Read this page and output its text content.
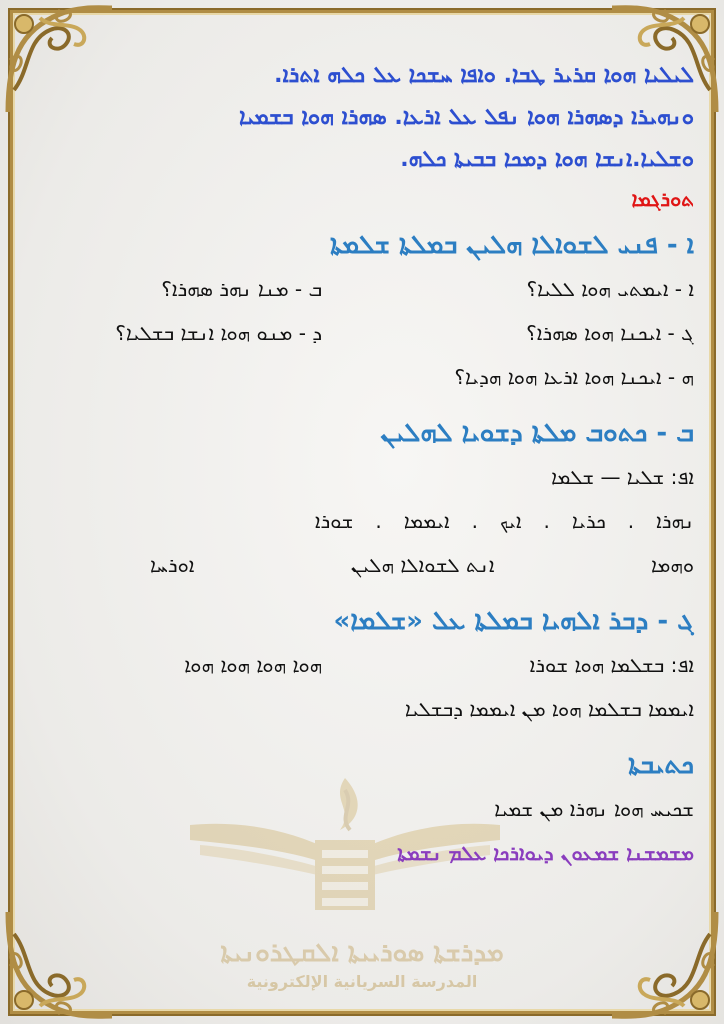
ܡܕܪܫܬܐ ܣܘܪܝܝܬܐ ܐܠܩܛܪܘܢܝܬܐ
المدرسة السريانية الإلكترونية
ܠܝܠܝܐ ܗܘܐ ܩܪܝܪ ܛܒܐ. ܘܐܦܐ ܚܫܟܐ ܥܠ ܟܠܗ ܐܬܪܐ.
ܘܢܗܝܪܐ ܕܣܗܪܐ ܗܘܐ ܢܦܠ ܥܠ ܐܪܥܐ. ܣܗܪܐ ܗܘܐ ܒܫܡܝܐ
ܘܫܠܝܐ.ܐܢܫܐ ܗܘܐ ܕܡܟܐ ܒܒܝܬܐ ܟܠܗ.
ܬܘܪܓܡܐ
ܐ - ܦܢܝ ܠܫܘܐܠܐ ܗܠܝܢ ܒܡܠܬܐ ܫܠܡܬܐ
ܐ - ܐܝܡܬܝ ܗܘܐ ܠܠܝܐ؟
ܒ - ܡܢܐ ܢܗܪ ܣܗܪܐ؟
ܓ - ܐܝܟܢܐ ܗܘܐ ܣܗܪܐ؟
ܕ - ܡܢܘ ܗܘܐ ܐܢܫܐ ܒܫܠܝܐ؟
ܗ - ܐܝܟܢܐ ܗܘܐ ܐܪܥܐ ܗܘܐ ܗܕܝܐ؟
ܒ - ܟܬܘܒ ܡܠܬܐ ܕܫܘܝܐ ܠܗܠܝܢ
ܐܦ: ܫܠܝܐ — ܫܠܡܐ
ܢܗܪܐ
.
ܟܪܝܐ
.
ܐܝܟ
.
ܐܝܡܡܐ
.
ܫܘܪܐ
ܘܗܡܐ
ܐܢܬ ܠܫܘܐܠܐ ܗܠܝܢ
ܐܘܪܚܐ
ܓ - ܕܒܪ ܐܠܗܝܐ ܒܡܠܬܐ ܥܠ «ܫܠܡܐ»
ܐܦ: ܒܫܠܡܐ ܗܘܐ ܫܘܪܐ
ܗܘܐ ܗܘܐ ܗܘܐ ܗܘܐ
ܐܝܡܡܐ ܒܫܠܡܐ ܗܘܐ ܡܢ ܐܝܡܡܐ ܕܒܫܠܝܐ
ܟܬܝܒܬܐ
ܫܟܝܚ ܗܘܐ ܢܗܪܐ ܡܢ ܫܡܝܐ
ܡܫܡܫܢܐ ܫܡܥܘܢ ܕܝܘܐܪܟܐ ܥܠܡ ܢܫܡܬܐ
